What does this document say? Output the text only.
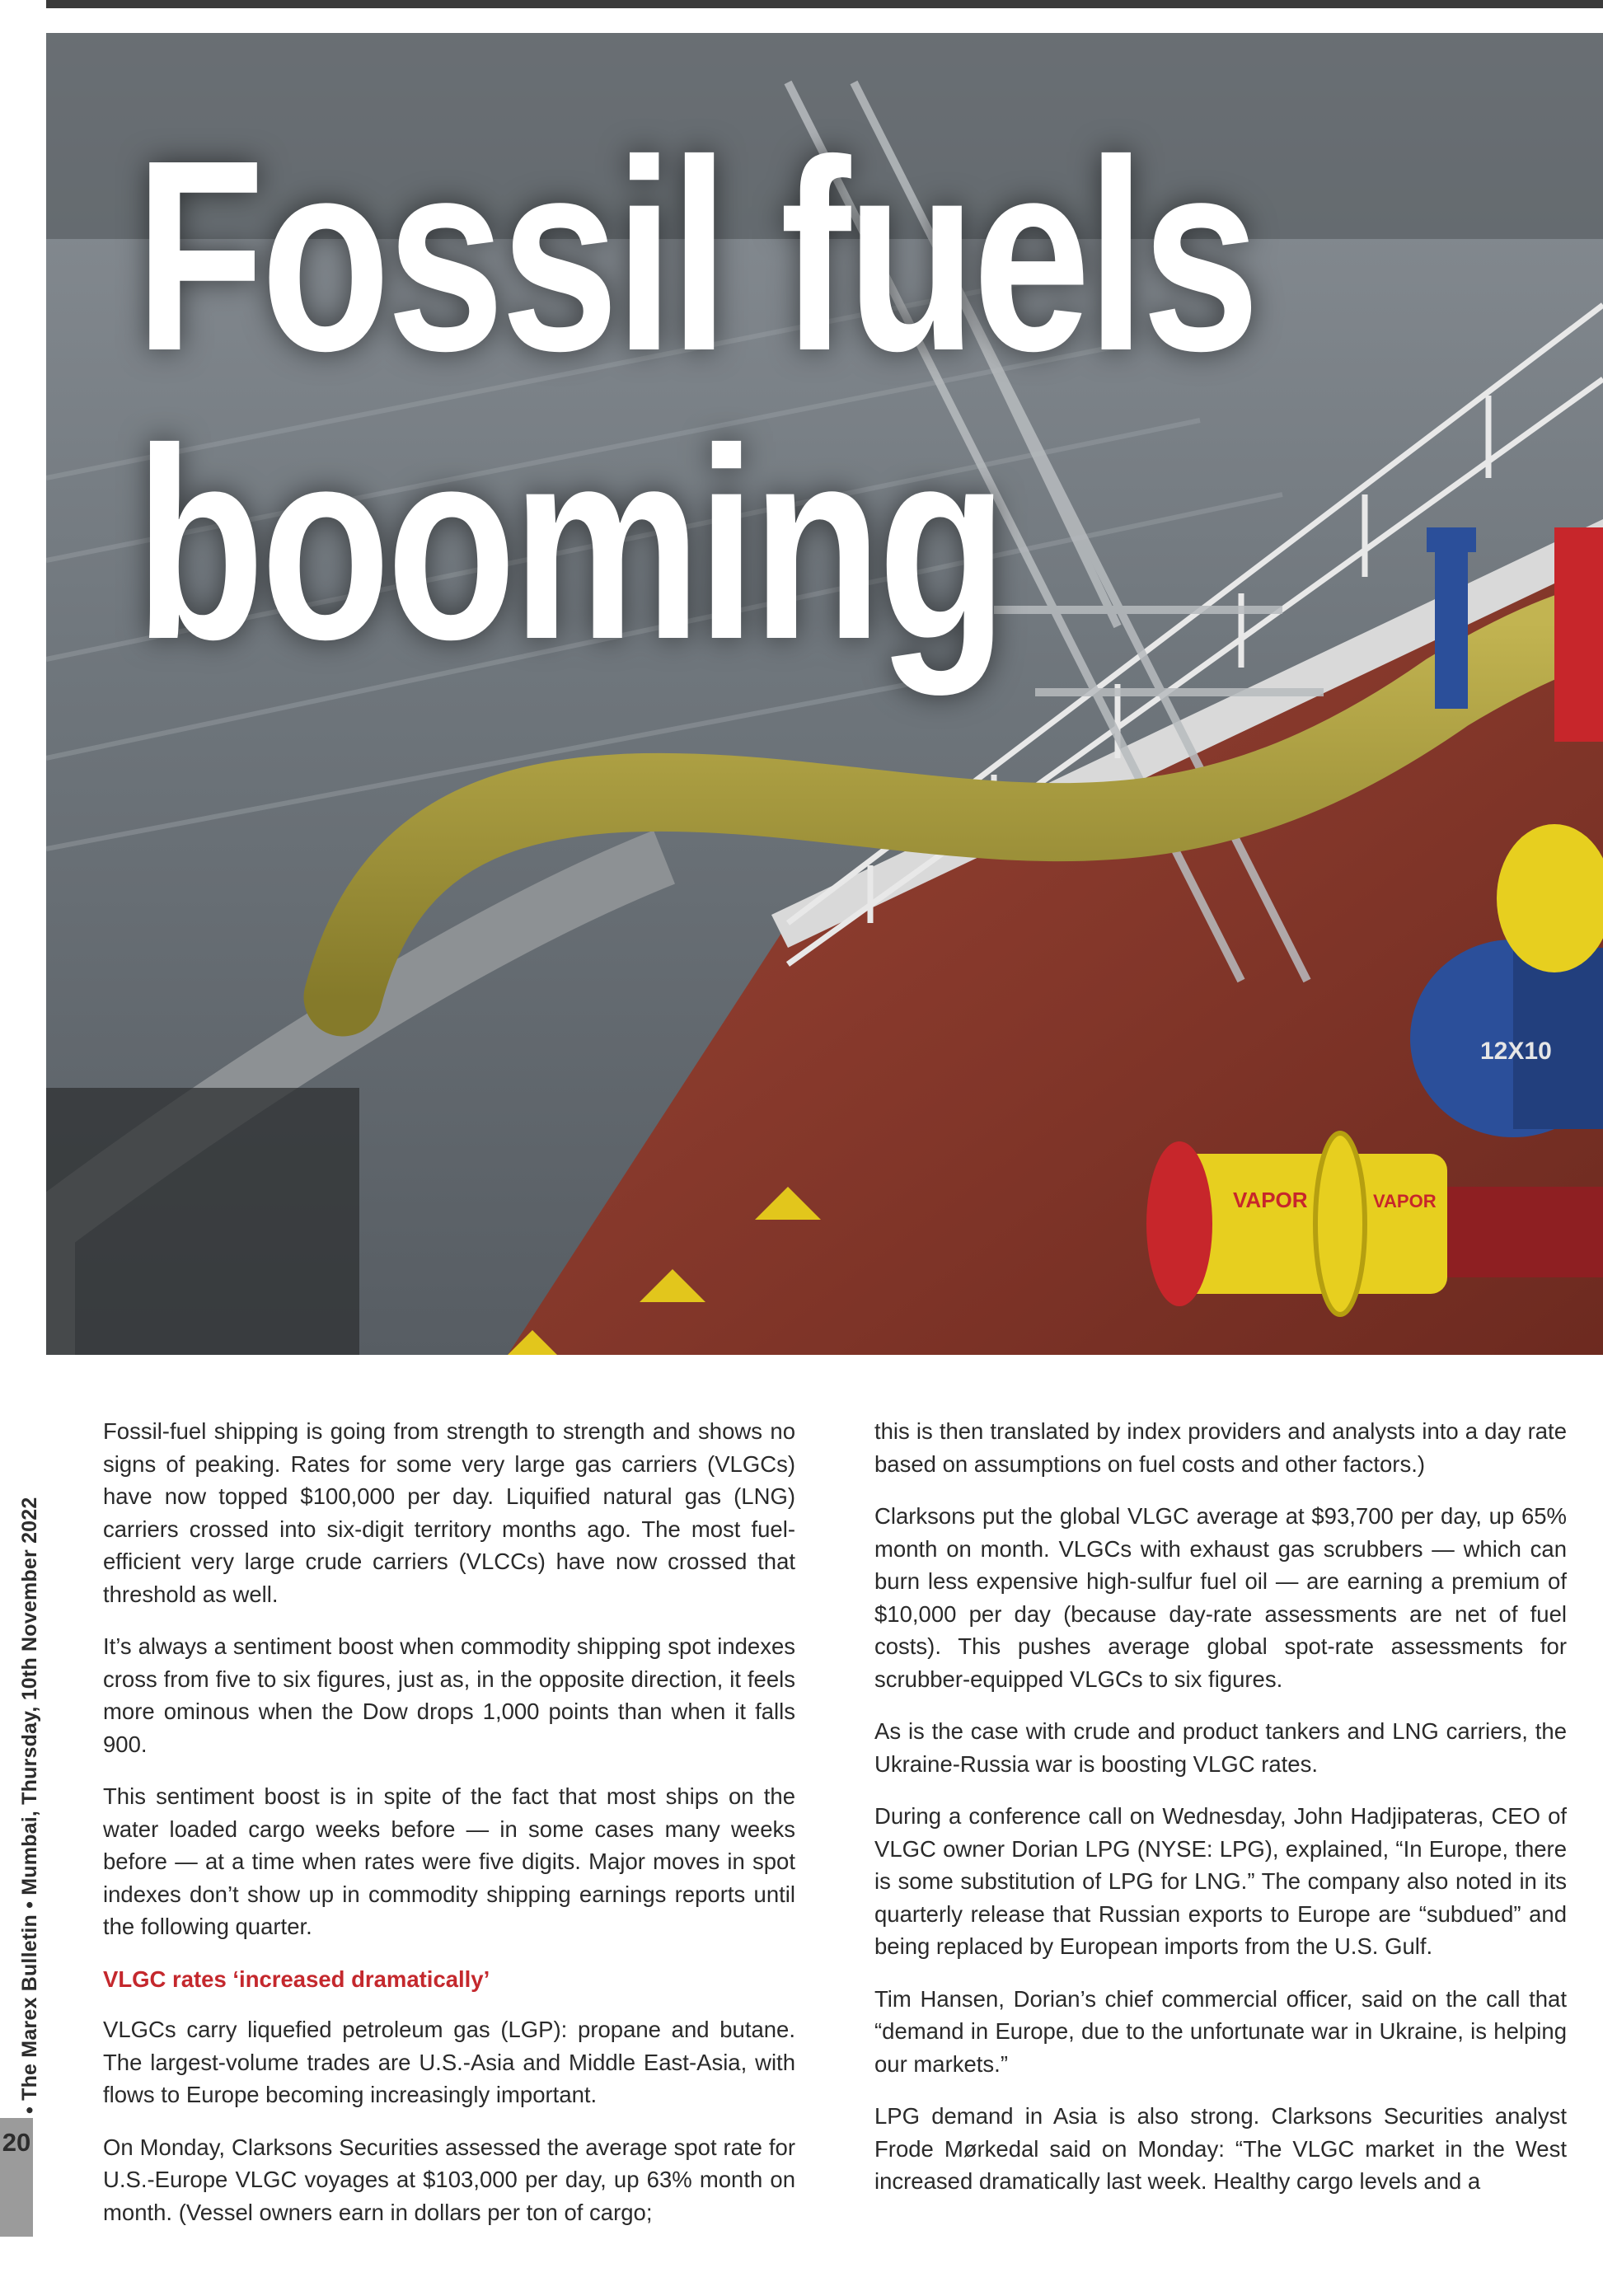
12X10
VAPOR	VAPOR
Fossil fuels
booming
20
• The Marex Bulletin • Mumbai, Thursday, 10th November 2022

Fossil-fuel shipping is going from strength to strength and shows no signs of peaking. Rates for some very large gas carriers (VLGCs) have now topped $100,000 per day. Liquified natural gas (LNG) carriers crossed into six-digit territory months ago. The most fuel-efficient very large crude carriers (VLCCs) have now crossed that threshold as well.

It’s always a sentiment boost when commodity shipping spot indexes cross from five to six figures, just as, in the opposite direction, it feels more ominous when the Dow drops 1,000 points than when it falls 900.

This sentiment boost is in spite of the fact that most ships on the water loaded cargo weeks before — in some cases many weeks before — at a time when rates were five digits. Major moves in spot indexes don’t show up in commodity shipping earnings reports until the following quarter.

VLGC rates ‘increased dramatically’

VLGCs carry liquefied petroleum gas (LGP): propane and butane. The largest-volume trades are U.S.-Asia and Middle East-Asia, with flows to Europe becoming increasingly important.

On Monday, Clarksons Securities assessed the average spot rate for U.S.-Europe VLGC voyages at $103,000 per day, up 63% month on month. (Vessel owners earn in dollars per ton of cargo;

this is then translated by index providers and analysts into a day rate based on assumptions on fuel costs and other factors.)

Clarksons put the global VLGC average at $93,700 per day, up 65% month on month. VLGCs with exhaust gas scrubbers — which can burn less expensive high-sulfur fuel oil — are earning a premium of $10,000 per day (because day-rate assessments are net of fuel costs). This pushes average global spot-rate assessments for scrubber-equipped VLGCs to six figures.

As is the case with crude and product tankers and LNG carriers, the Ukraine-Russia war is boosting VLGC rates.

During a conference call on Wednesday, John Hadjipateras, CEO of VLGC owner Dorian LPG (NYSE: LPG), explained, “In Europe, there is some substitution of LPG for LNG.” The company also noted in its quarterly release that Russian exports to Europe are “subdued” and being replaced by European imports from the U.S. Gulf.

Tim Hansen, Dorian’s chief commercial officer, said on the call that “demand in Europe, due to the unfortunate war in Ukraine, is helping our markets.”

LPG demand in Asia is also strong. Clarksons Securities analyst Frode Mørkedal said on Monday: “The VLGC market in the West increased dramatically last week. Healthy cargo levels and a
